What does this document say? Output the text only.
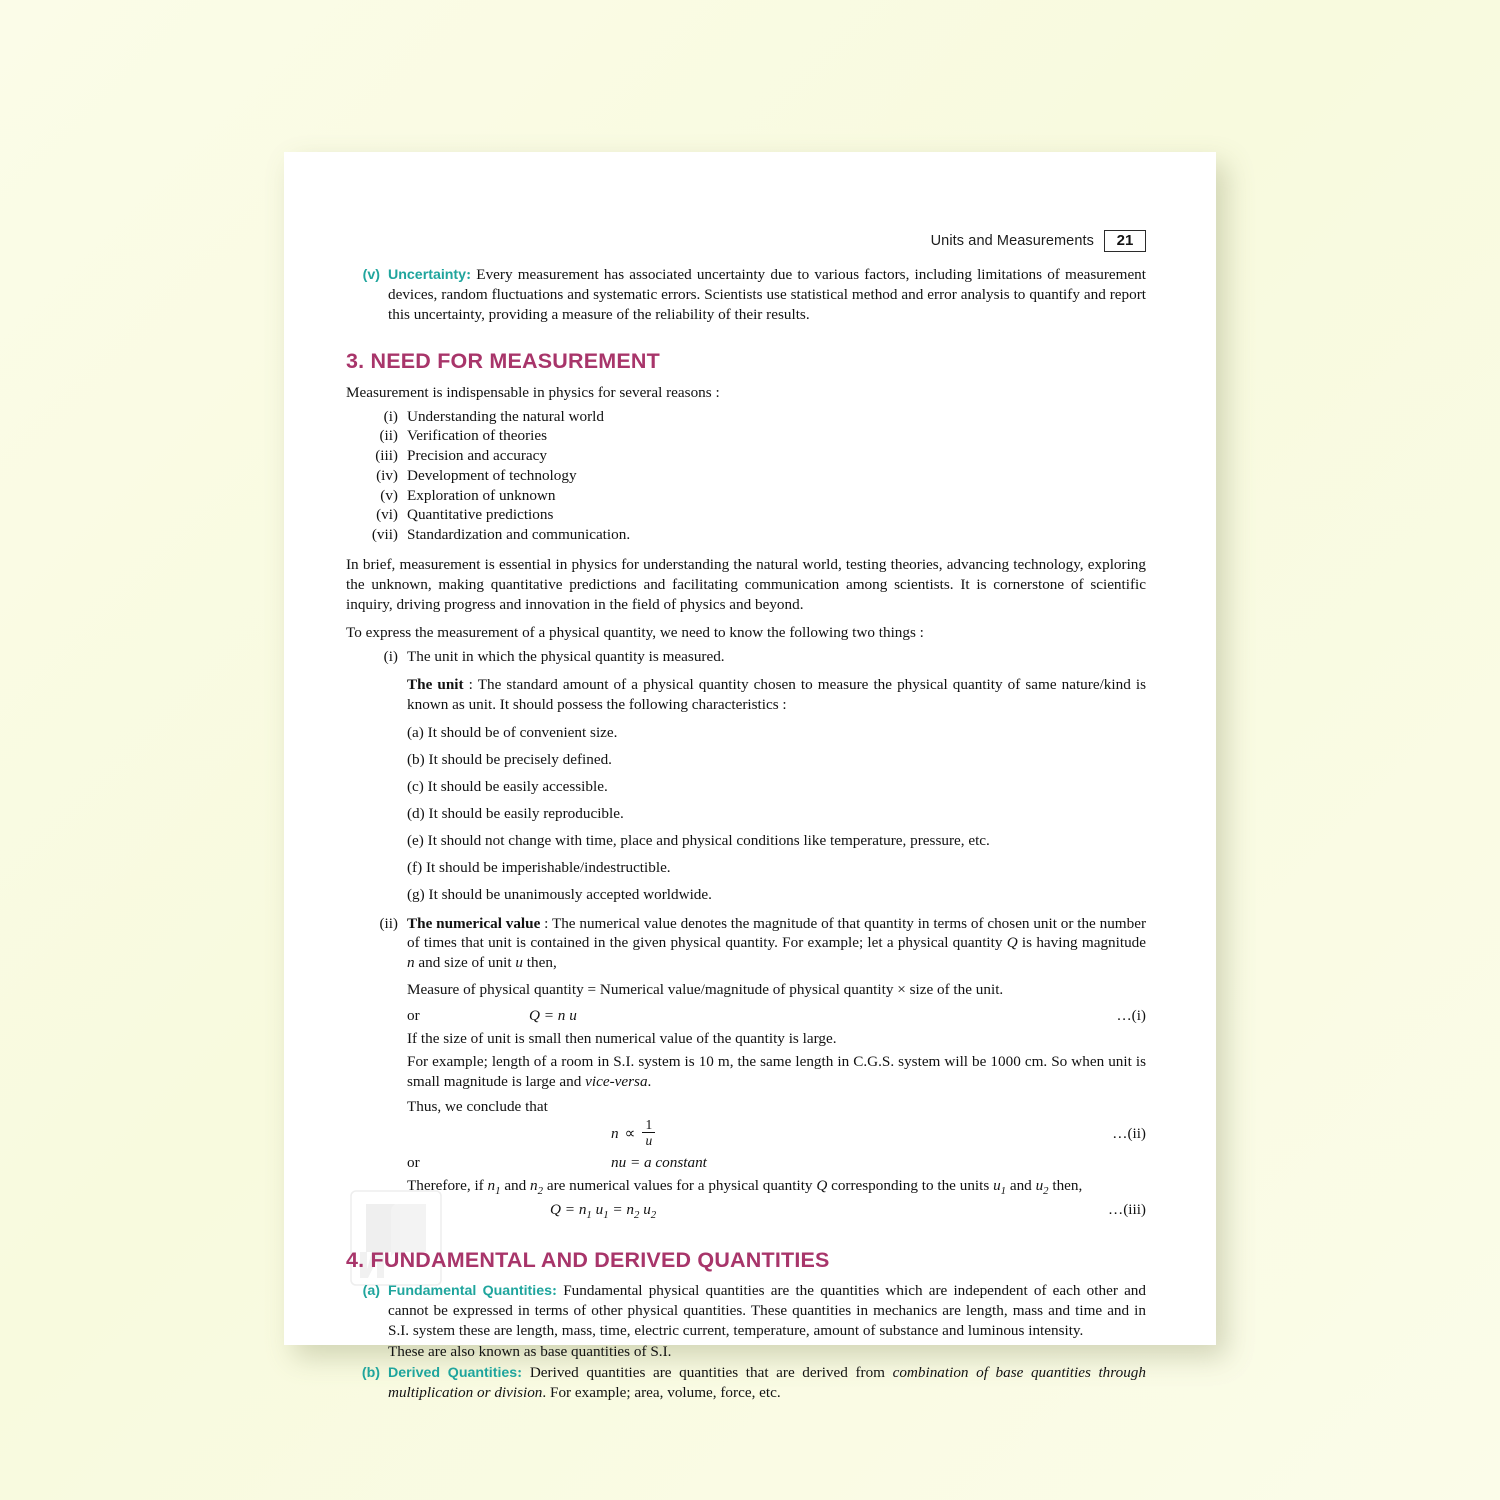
Units and Measurements	21
(v) Uncertainty: Every measurement has associated uncertainty due to various factors, including limitations of measurement devices, random fluctuations and systematic errors. Scientists use statistical method and error analysis to quantify and report this uncertainty, providing a measure of the reliability of their results.
3. NEED FOR MEASUREMENT

Measurement is indispensable in physics for several reasons :

(i) Understanding the natural world
(ii) Verification of theories
(iii) Precision and accuracy
(iv) Development of technology
(v) Exploration of unknown
(vi) Quantitative predictions
(vii) Standardization and communication.

In brief, measurement is essential in physics for understanding the natural world, testing theories, advancing technology, exploring the unknown, making quantitative predictions and facilitating communication among scientists. It is cornerstone of scientific inquiry, driving progress and innovation in the field of physics and beyond.

To express the measurement of a physical quantity, we need to know the following two things :

(i) The unit in which the physical quantity is measured.
The unit : The standard amount of a physical quantity chosen to measure the physical quantity of same nature/kind is known as unit. It should possess the following characteristics :
(a) It should be of convenient size.
(b) It should be precisely defined.
(c) It should be easily accessible.
(d) It should be easily reproducible.
(e) It should not change with time, place and physical conditions like temperature, pressure, etc.
(f) It should be imperishable/indestructible.
(g) It should be unanimously accepted worldwide.
(ii) The numerical value : The numerical value denotes the magnitude of that quantity in terms of chosen unit or the number of times that unit is contained in the given physical quantity. For example; let a physical quantity Q is having magnitude n and size of unit u then,
Measure of physical quantity = Numerical value/magnitude of physical quantity × size of the unit.
or	Q = n u	…(i)
If the size of unit is small then numerical value of the quantity is large.
For example; length of a room in S.I. system is 10 m, the same length in C.G.S. system will be 1000 cm. So when unit is small magnitude is large and vice-versa.
Thus, we conclude that
$n \propto \frac{1}{u}$	…(ii)
or	nu = a constant
Therefore, if $n_1$ and $n_2$ are numerical values for a physical quantity Q corresponding to the units $u_1$ and $u_2$ then,
$Q = n_1$ $u_1 = n_2$ $u_2$	…(iii)
4. FUNDAMENTAL AND DERIVED QUANTITIES
(a) Fundamental Quantities: Fundamental physical quantities are the quantities which are independent of each other and cannot be expressed in terms of other physical quantities. These quantities in mechanics are length, mass and time and in S.I. system these are length, mass, time, electric current, temperature, amount of substance and luminous intensity.
These are also known as base quantities of S.I.
(b) Derived Quantities: Derived quantities are quantities that are derived from combination of base quantities through multiplication or division. For example; area, volume, force, etc.
